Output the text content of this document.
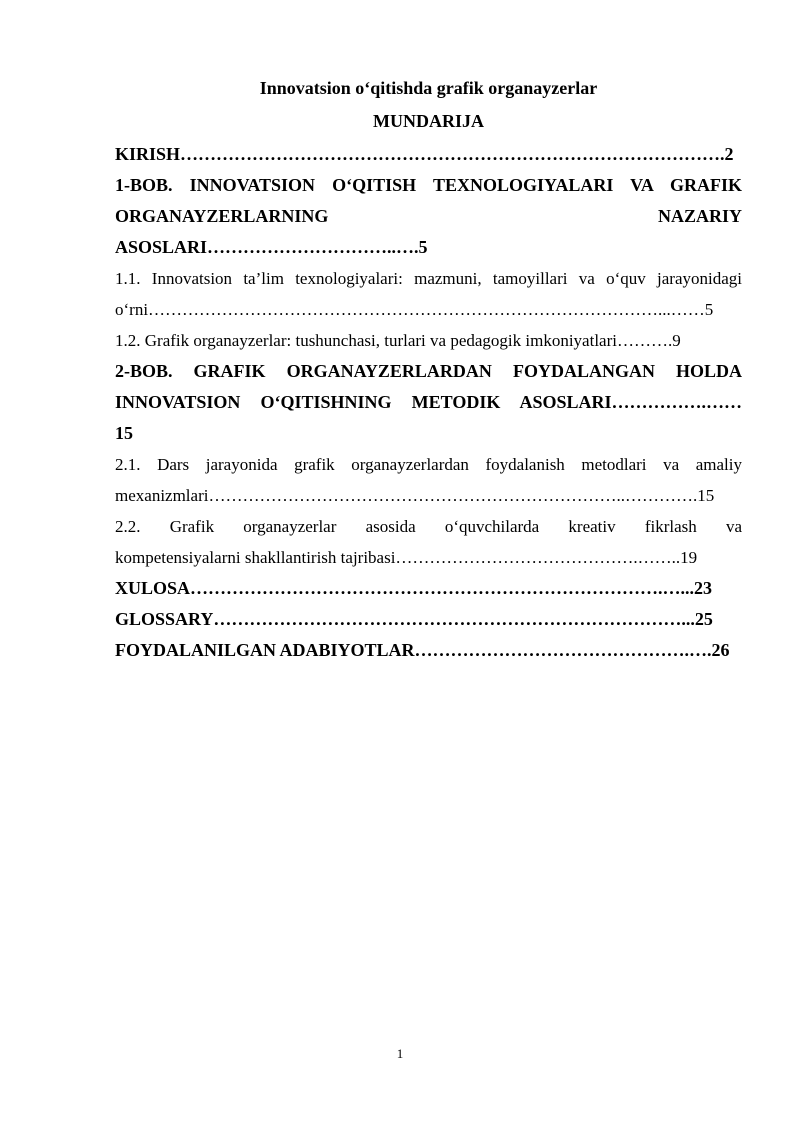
Innovatsion o‘qitishda grafik organayzerlar

MUNDARIJA

KIRISH……………………………………………………………………………….2

1-BOB. INNOVATSION O‘QITISH TEXNOLOGIYALARI VA GRAFIK

ORGANAYZERLARNING NAZARIY

ASOSLARI…………………………..….5

1.1. Innovatsion ta’lim texnologiyalari: mazmuni, tamoyillari va o‘quv jarayonidagi

o‘rni………………………………………………………………………………...……5

1.2. Grafik organayzerlar: tushunchasi, turlari va pedagogik imkoniyatlari……….9

2-BOB. GRAFIK ORGANAYZERLARDAN FOYDALANGAN HOLDA

INNOVATSION O‘QITISHNING METODIK ASOSLARI…………….……

15

2.1. Dars jarayonida grafik organayzerlardan foydalanish metodlari va amaliy

mexanizmlari………………………………………………………………..………….15

2.2. Grafik organayzerlar asosida o‘quvchilarda kreativ fikrlash va

kompetensiyalarni shakllantirish tajribasi…………………………………….……..19

XULOSA…………………………………………………………………….…...23

GLOSSARY……………………………………………………………………...25

FOYDALANILGAN ADABIYOTLAR……………………………………….….26

1
